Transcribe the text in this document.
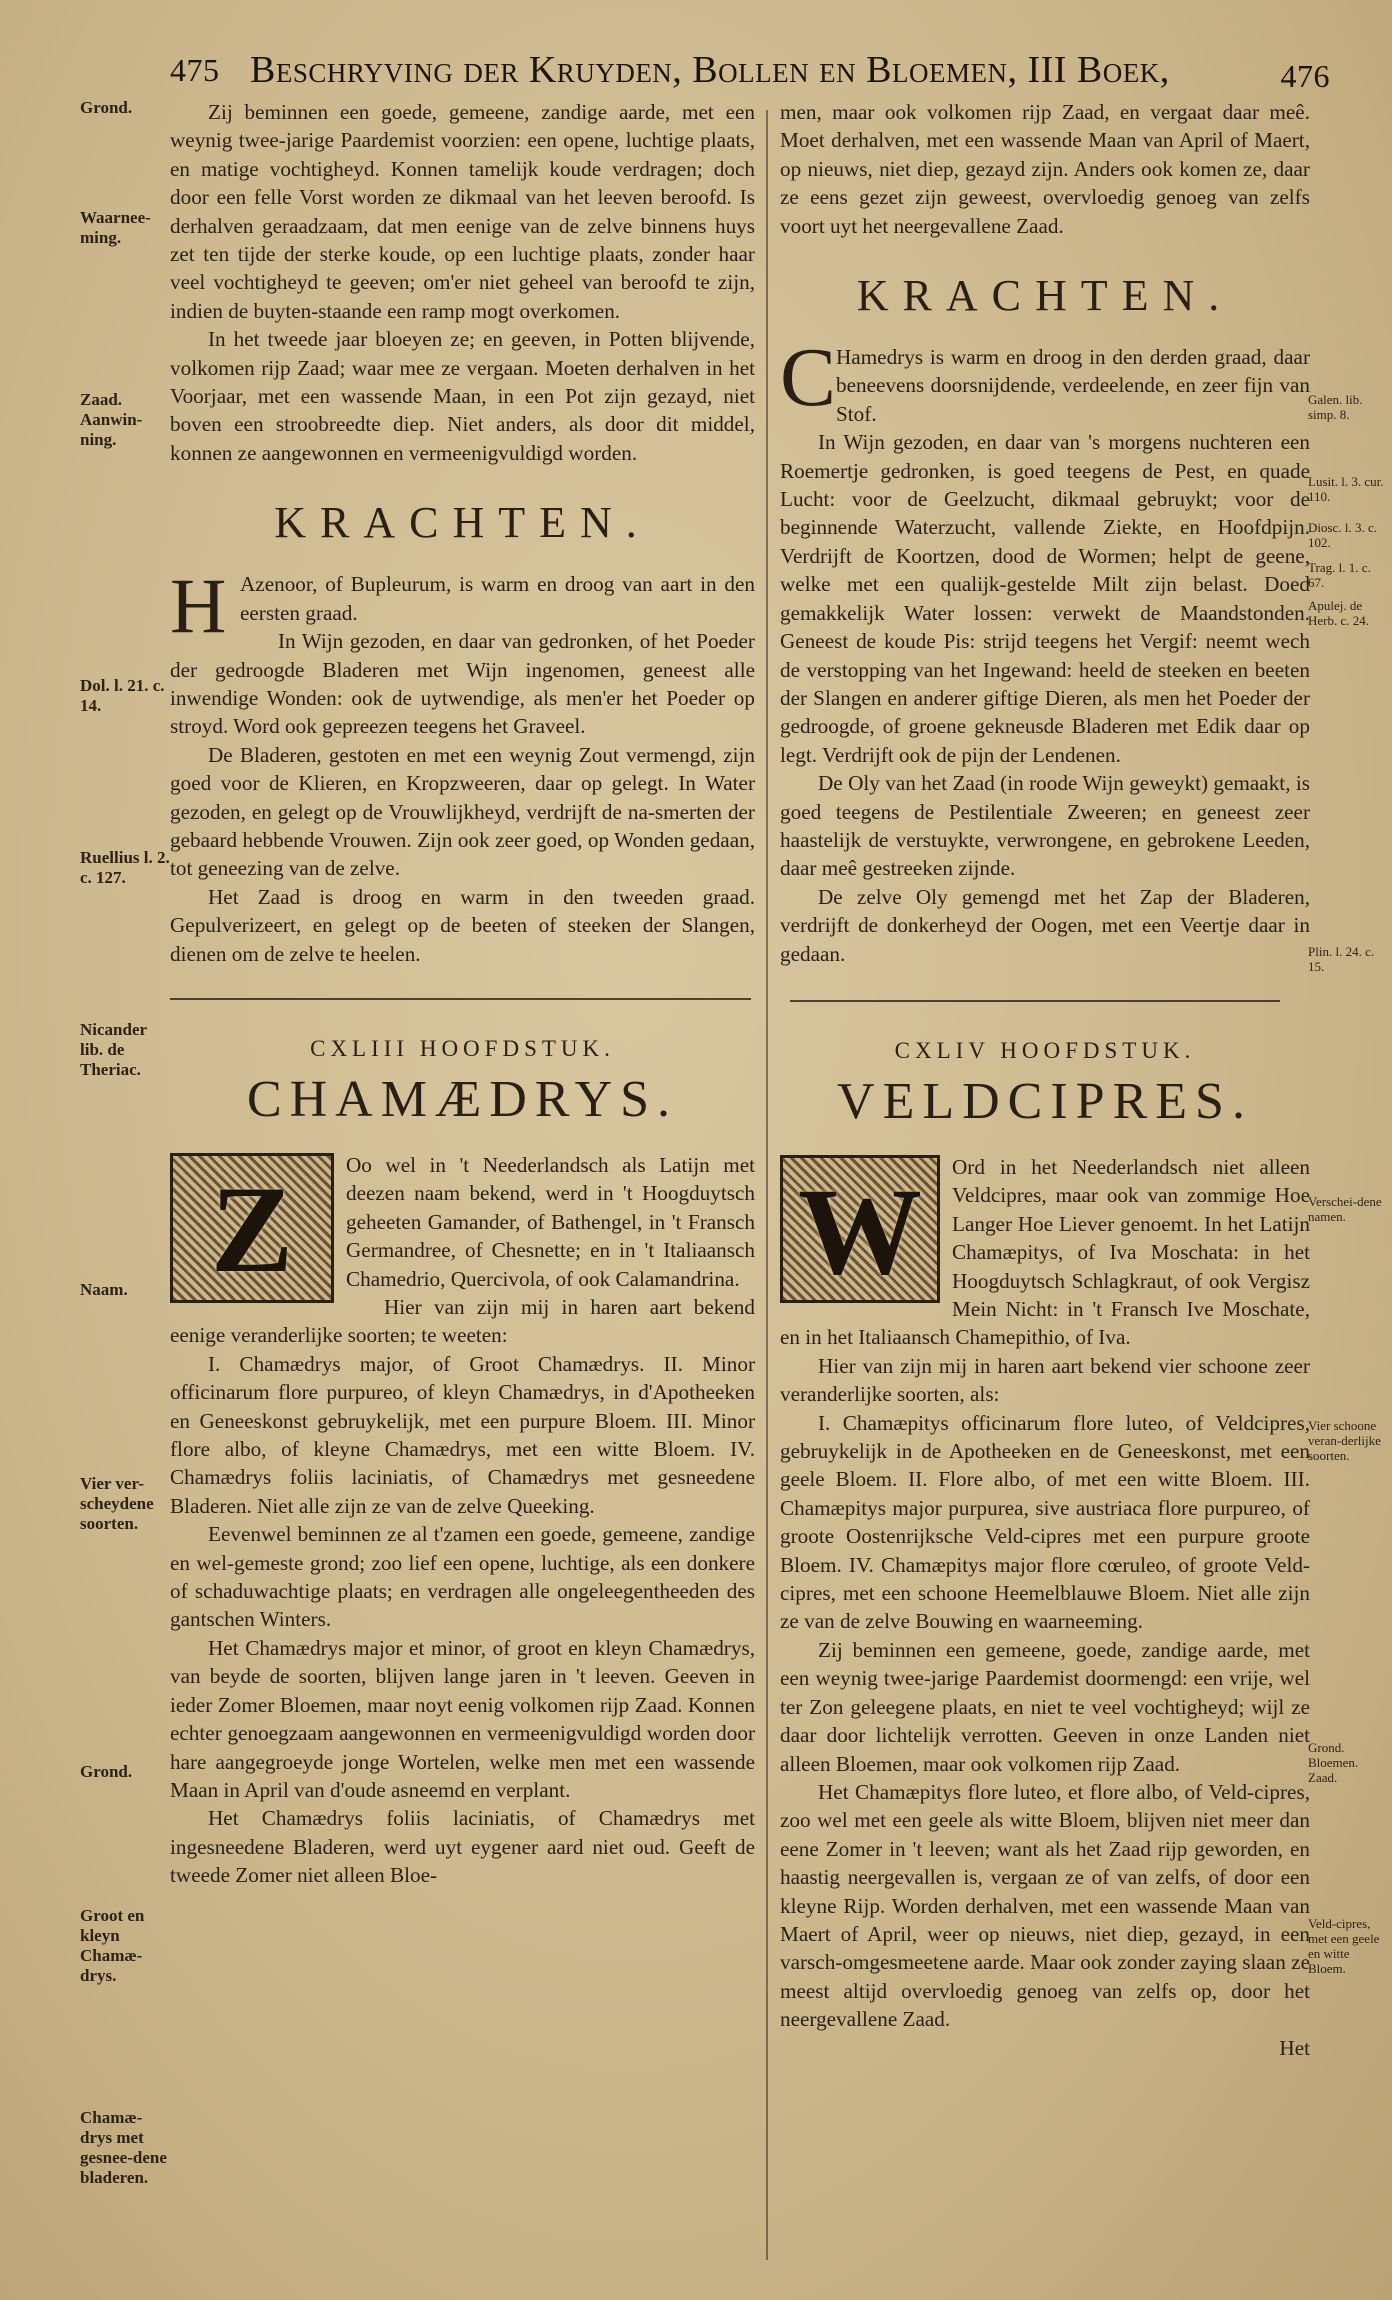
475 Beschryving der Kruyden, Bollen en Bloemen, III Boek,	476
Grond.
Waarnee-ming.
Zaad. Aanwin-ning.
Dol. l. 21. c. 14.
Ruellius l. 2. c. 127.
Nicander lib. de Theriac.
Naam.
Vier ver-scheydene soorten.
Grond.
Groot en kleyn Chamæ-drys.
Chamæ-drys met gesnee-dene bladeren.
Galen. lib. simp. 8.
Lusit. l. 3. cur. 110.
Diosc. l. 3. c. 102.
Trag. l. 1. c. 67.
Apulej. de Herb. c. 24.
Plin. l. 24. c. 15.
Verschei-dene namen.
Vier schoone veran-derlijke soorten.
Grond. Bloemen. Zaad.
Veld-cipres, met een geele en witte Bloem.

Zij beminnen een goede, gemeene, zandige aarde, met een weynig twee-jarige Paardemist voorzien: een opene, luchtige plaats, en matige vochtigheyd. Konnen tamelijk koude verdragen; doch door een felle Vorst worden ze dikmaal van het leeven beroofd. Is derhalven geraadzaam, dat men eenige van de zelve binnens huys zet ten tijde der sterke koude, op een luchtige plaats, zonder haar veel vochtigheyd te geeven; om'er niet geheel van beroofd te zijn, indien de buyten-staande een ramp mogt overkomen.

In het tweede jaar bloeyen ze; en geeven, in Potten blijvende, volkomen rijp Zaad; waar mee ze vergaan. Moeten derhalven in het Voorjaar, met een wassende Maan, in een Pot zijn gezayd, niet boven een stroobreedte diep. Niet anders, als door dit middel, konnen ze aangewonnen en vermeenigvuldigd worden.

KRACHTEN.

H Azenoor, of Bupleurum, is warm en droog van aart in den eersten graad.

In Wijn gezoden, en daar van gedronken, of het Poeder der gedroogde Bladeren met Wijn ingenomen, geneest alle inwendige Wonden: ook de uytwendige, als men'er het Poeder op stroyd. Word ook gepreezen teegens het Graveel.

De Bladeren, gestoten en met een weynig Zout vermengd, zijn goed voor de Klieren, en Kropzweeren, daar op gelegt. In Water gezoden, en gelegt op de Vrouwlijkheyd, verdrijft de na-smerten der gebaard hebbende Vrouwen. Zijn ook zeer goed, op Wonden gedaan, tot geneezing van de zelve.

Het Zaad is droog en warm in den tweeden graad. Gepulverizeert, en gelegt op de beeten of steeken der Slangen, dienen om de zelve te heelen.

CXLIII HOOFDSTUK.
CHAMÆDRYS.

Z	Oo wel in 't Neederlandsch als Latijn met deezen naam bekend, werd in 't Hoogduytsch geheeten Gamander, of Bathengel, in 't Fransch Germandree, of Chesnette; en in 't Italiaansch Chamedrio, Quercivola, of ook Calamandrina.

Hier van zijn mij in haren aart bekend eenige veranderlijke soorten; te weeten:

I. Chamædrys major, of Groot Chamædrys. II. Minor officinarum flore purpureo, of kleyn Chamædrys, in d'Apotheeken en Geneeskonst gebruykelijk, met een purpure Bloem. III. Minor flore albo, of kleyne Chamædrys, met een witte Bloem. IV. Chamædrys foliis laciniatis, of Chamædrys met gesneedene Bladeren. Niet alle zijn ze van de zelve Queeking.

Eevenwel beminnen ze al t'zamen een goede, gemeene, zandige en wel-gemeste grond; zoo lief een opene, luchtige, als een donkere of schaduwachtige plaats; en verdragen alle ongeleegentheeden des gantschen Winters.

Het Chamædrys major et minor, of groot en kleyn Chamædrys, van beyde de soorten, blijven lange jaren in 't leeven. Geeven in ieder Zomer Bloemen, maar noyt eenig volkomen rijp Zaad. Konnen echter genoegzaam aangewonnen en vermeenigvuldigd worden door hare aangegroeyde jonge Wortelen, welke men met een wassende Maan in April van d'oude asneemd en verplant.

Het Chamædrys foliis laciniatis, of Chamædrys met ingesneedene Bladeren, werd uyt eygener aard niet oud. Geeft de tweede Zomer niet alleen Bloe-

men, maar ook volkomen rijp Zaad, en vergaat daar meê. Moet derhalven, met een wassende Maan van April of Maert, op nieuws, niet diep, gezayd zijn. Anders ook komen ze, daar ze eens gezet zijn geweest, overvloedig genoeg van zelfs voort uyt het neergevallene Zaad.

KRACHTEN.

C Hamedrys is warm en droog in den derden graad, daar beneevens doorsnijdende, verdeelende, en zeer fijn van Stof.

In Wijn gezoden, en daar van 's morgens nuchteren een Roemertje gedronken, is goed teegens de Pest, en quade Lucht: voor de Geelzucht, dikmaal gebruykt; voor de beginnende Waterzucht, vallende Ziekte, en Hoofdpijn. Verdrijft de Koortzen, dood de Wormen; helpt de geene, welke met een qualijk-gestelde Milt zijn belast. Doed gemakkelijk Water lossen: verwekt de Maandstonden. Geneest de koude Pis: strijd teegens het Vergif: neemt wech de verstopping van het Ingewand: heeld de steeken en beeten der Slangen en anderer giftige Dieren, als men het Poeder der gedroogde, of groene gekneusde Bladeren met Edik daar op legt. Verdrijft ook de pijn der Lendenen.

De Oly van het Zaad (in roode Wijn geweykt) gemaakt, is goed teegens de Pestilentiale Zweeren; en geneest zeer haastelijk de verstuykte, verwrongene, en gebrokene Leeden, daar meê gestreeken zijnde.

De zelve Oly gemengd met het Zap der Bladeren, verdrijft de donkerheyd der Oogen, met een Veertje daar in gedaan.

CXLIV HOOFDSTUK.
VELDCIPRES.

W	Ord in het Neederlandsch niet alleen Veldcipres, maar ook van zommige Hoe Langer Hoe Liever genoemt. In het Latijn Chamæpitys, of Iva Moschata: in het Hoogduytsch Schlagkraut, of ook Vergisz Mein Nicht: in 't Fransch Ive Moschate, en in het Italiaansch Chamepithio, of Iva.

Hier van zijn mij in haren aart bekend vier schoone zeer veranderlijke soorten, als:

I. Chamæpitys officinarum flore luteo, of Veldcipres, gebruykelijk in de Apotheeken en de Geneeskonst, met een geele Bloem. II. Flore albo, of met een witte Bloem. III. Chamæpitys major purpurea, sive austriaca flore purpureo, of groote Oostenrijksche Veld-cipres met een purpure groote Bloem. IV. Chamæpitys major flore cœruleo, of groote Veld-cipres, met een schoone Heemelblauwe Bloem. Niet alle zijn ze van de zelve Bouwing en waarneeming.

Zij beminnen een gemeene, goede, zandige aarde, met een weynig twee-jarige Paardemist doormengd: een vrije, wel ter Zon geleegene plaats, en niet te veel vochtigheyd; wijl ze daar door lichtelijk verrotten. Geeven in onze Landen niet alleen Bloemen, maar ook volkomen rijp Zaad.

Het Chamæpitys flore luteo, et flore albo, of Veld-cipres, zoo wel met een geele als witte Bloem, blijven niet meer dan eene Zomer in 't leeven; want als het Zaad rijp geworden, en haastig neergevallen is, vergaan ze of van zelfs, of door een kleyne Rijp. Worden derhalven, met een wassende Maan van Maert of April, weer op nieuws, niet diep, gezayd, in een varsch-omgesmeetene aarde. Maar ook zonder zaying slaan ze meest altijd overvloedig genoeg van zelfs op, door het neergevallene Zaad.

Het
